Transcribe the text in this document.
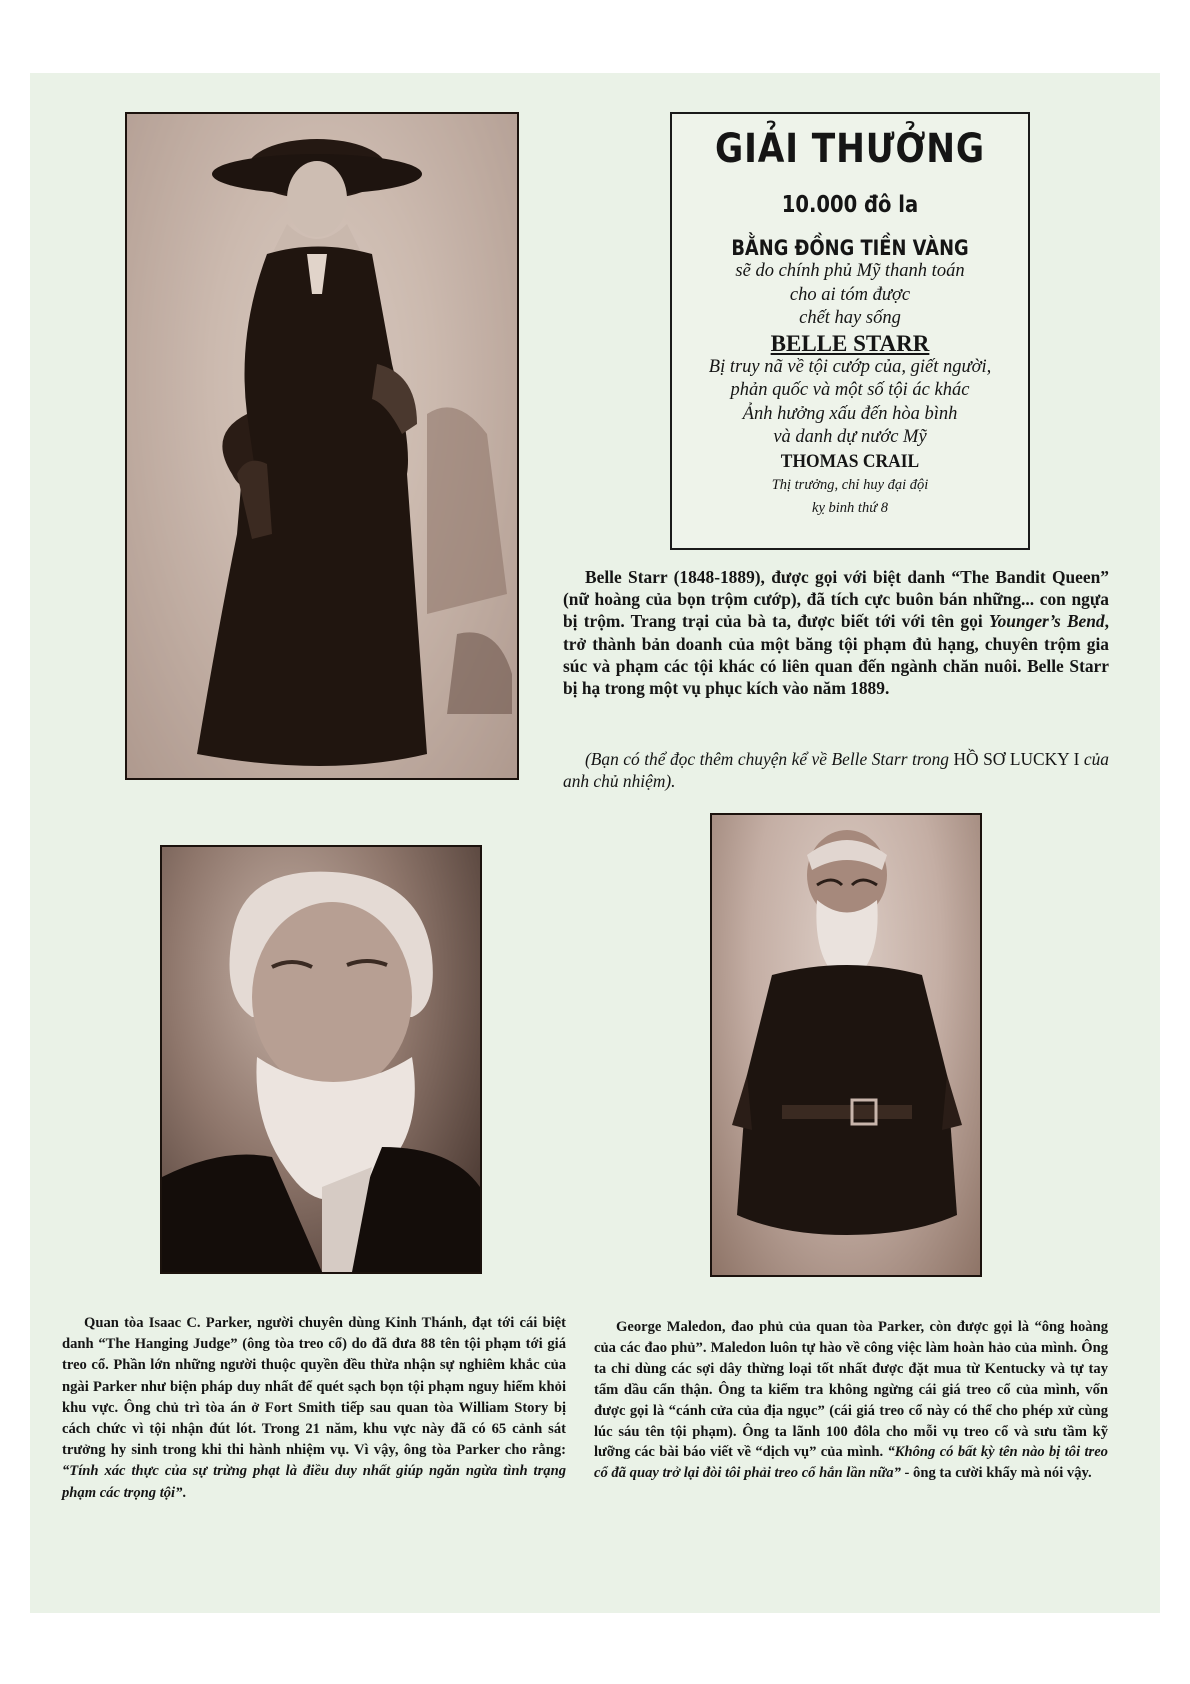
GIẢI THƯỞNG
10.000 đô la
BẰNG ĐỒNG TIỀN VÀNG
sẽ do chính phủ Mỹ thanh toán
cho ai tóm được
chết hay sống
BELLE STARR
Bị truy nã về tội cướp của, giết người,
phản quốc và một số tội ác khác
Ảnh hưởng xấu đến hòa bình
và danh dự nước Mỹ
THOMAS CRAIL
Thị trưởng, chỉ huy đại đội
kỵ binh thứ 8

Belle Starr (1848-1889), được gọi với biệt danh “The Bandit Queen” (nữ hoàng của bọn trộm cướp), đã tích cực buôn bán những... con ngựa bị trộm. Trang trại của bà ta, được biết tới với tên gọi Younger’s Bend, trở thành bản doanh của một băng tội phạm đủ hạng, chuyên trộm gia súc và phạm các tội khác có liên quan đến ngành chăn nuôi. Belle Starr bị hạ trong một vụ phục kích vào năm 1889.

(Bạn có thể đọc thêm chuyện kể về Belle Starr trong HỒ SƠ LUCKY I của anh chủ nhiệm).
Quan tòa Isaac C. Parker, người chuyên dùng Kinh Thánh, đạt tới cái biệt danh “The Hanging Judge” (ông tòa treo cổ) do đã đưa 88 tên tội phạm tới giá treo cổ. Phần lớn những người thuộc quyền đều thừa nhận sự nghiêm khắc của ngài Parker như biện pháp duy nhất để quét sạch bọn tội phạm nguy hiểm khỏi khu vực. Ông chủ trì tòa án ở Fort Smith tiếp sau quan tòa William Story bị cách chức vì tội nhận đút lót. Trong 21 năm, khu vực này đã có 65 cảnh sát trưởng hy sinh trong khi thi hành nhiệm vụ. Vì vậy, ông tòa Parker cho rằng: “Tính xác thực của sự trừng phạt là điều duy nhất giúp ngăn ngừa tình trạng phạm các trọng tội”.
George Maledon, đao phủ của quan tòa Parker, còn được gọi là “ông hoàng của các đao phủ”. Maledon luôn tự hào về công việc làm hoàn hảo của mình. Ông ta chỉ dùng các sợi dây thừng loại tốt nhất được đặt mua từ Kentucky và tự tay tẩm dầu cẩn thận. Ông ta kiểm tra không ngừng cái giá treo cổ của mình, vốn được gọi là “cánh cửa của địa ngục” (cái giá treo cổ này có thể cho phép xử cùng lúc sáu tên tội phạm). Ông ta lãnh 100 đôla cho mỗi vụ treo cổ và sưu tầm kỹ lưỡng các bài báo viết về “dịch vụ” của mình. “Không có bất kỳ tên nào bị tôi treo cổ đã quay trở lại đòi tôi phải treo cổ hắn lần nữa” - ông ta cười khẩy mà nói vậy.
